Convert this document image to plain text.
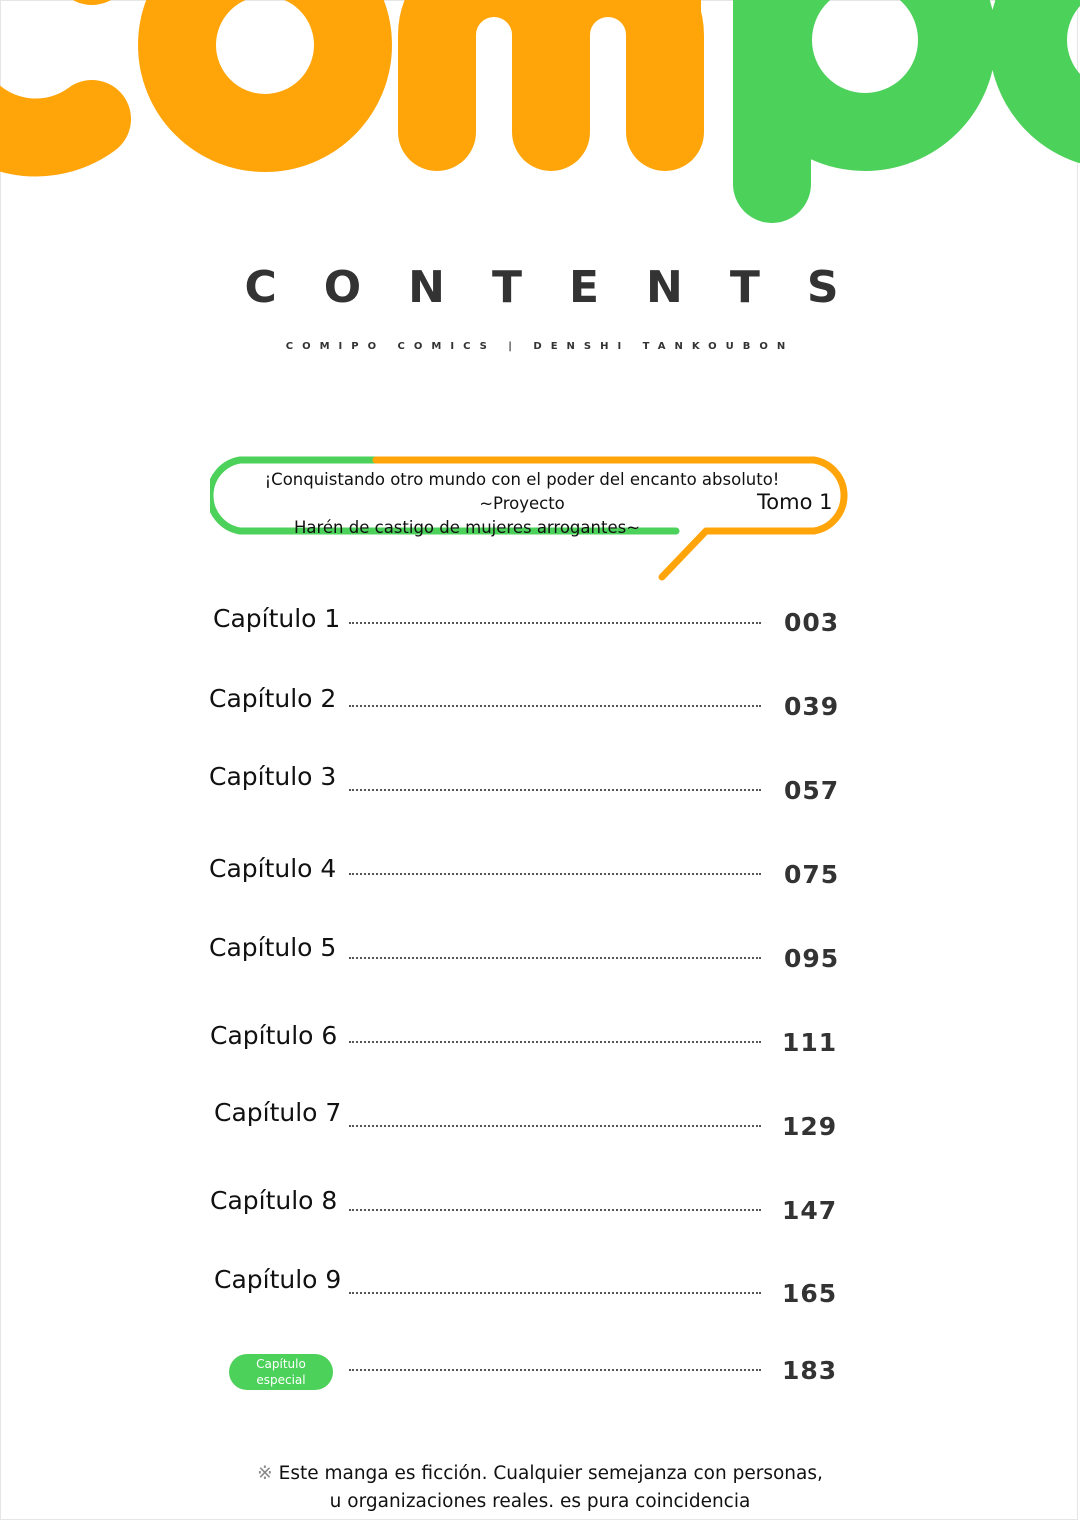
CONTENTS
COMIPO COMICS | DENSHI TANKOUBON
¡Conquistando otro mundo con el poder del encanto absoluto! ~Proyecto
Harén de castigo de mujeres arrogantes~
Tomo 1
Capítulo 1	003
Capítulo 2	039
Capítulo 3	057
Capítulo 4	075
Capítulo 5	095
Capítulo 6	111
Capítulo 7	129
Capítulo 8	147
Capítulo 9	165
Capítulo
especial	183
※ Este manga es ficción. Cualquier semejanza con personas,
u organizaciones reales. es pura coincidencia
